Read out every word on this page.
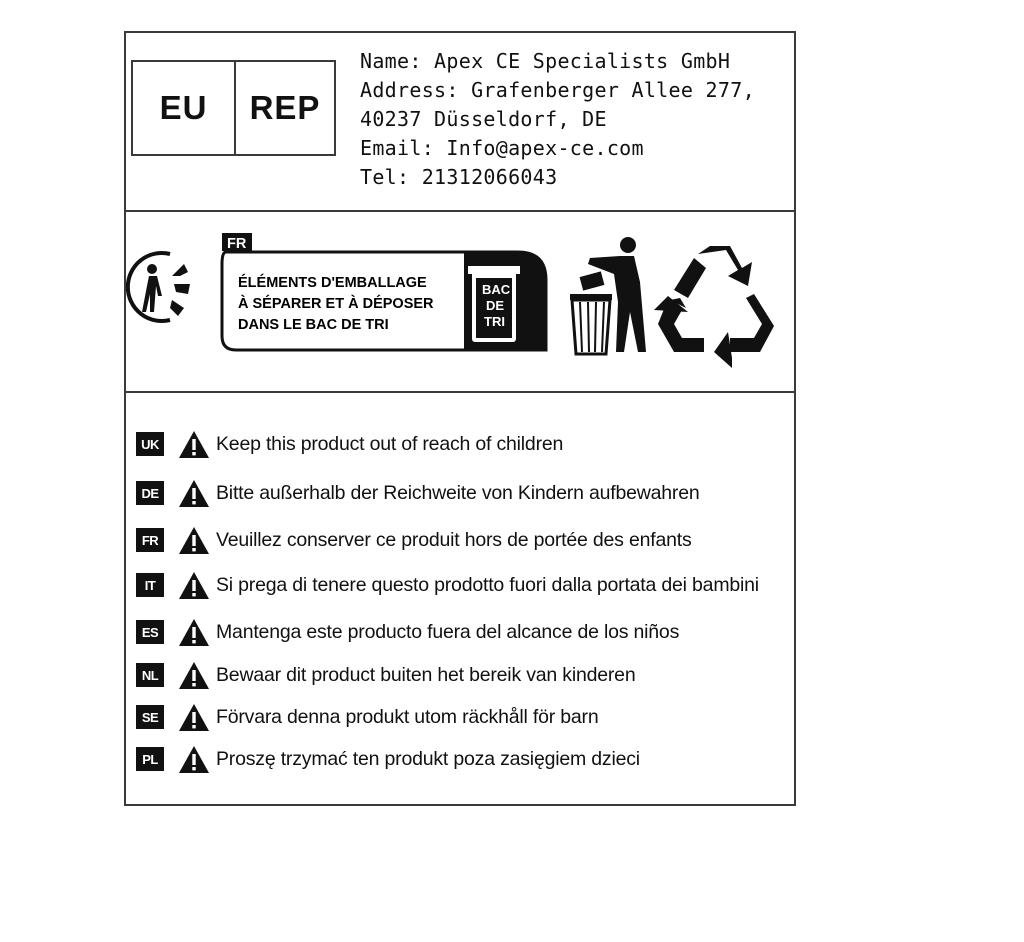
EU	REP
Name: Apex CE Specialists GmbH
Address: Grafenberger Allee 277,
40237 Düsseldorf, DE
Email: Info@apex-ce.com
Tel: 21312066043
FR
ÉLÉMENTS D'EMBALLAGE
À SÉPARER ET À DÉPOSER
DANS LE BAC DE TRI
BAC
DE
TRI
UK	Keep this product out of reach of children
DE	Bitte außerhalb der Reichweite von Kindern aufbewahren
FR	Veuillez conserver ce produit hors de portée des enfants
IT	Si prega di tenere questo prodotto fuori dalla portata dei bambini
ES	Mantenga este producto fuera del alcance de los niños
NL	Bewaar dit product buiten het bereik van kinderen
SE	Förvara denna produkt utom räckhåll för barn
PL	Proszę trzymać ten produkt poza zasięgiem dzieci
